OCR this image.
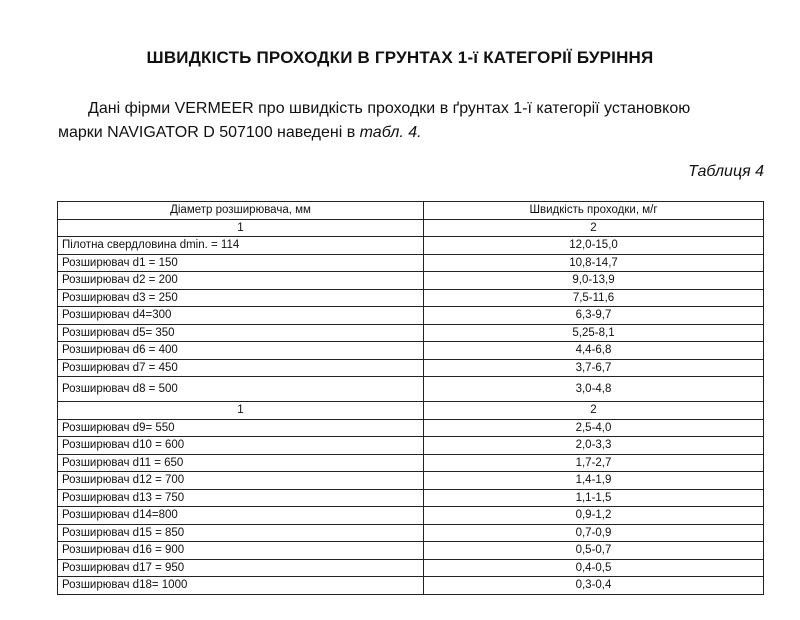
ШВИДКІСТЬ ПРОХОДКИ В ГРУНТАХ 1-ї КАТЕГОРІЇ БУРІННЯ
Дані фірми VERMEER про швидкість проходки в ґрунтах 1-ї категорії установкою
марки NAVIGATOR D 507100 наведені в табл. 4.
Таблиця 4
Діаметр розширювача, мм	Швидкість проходки, м/г
1	2
Пілотна свердловина dmin. = 114	12,0-15,0
Розширювач d1 = 150	10,8-14,7
Розширювач d2 = 200	9,0-13,9
Розширювач d3 = 250	7,5-11,6
Розширювач d4=300	6,3-9,7
Розширювач d5= 350	5,25-8,1
Розширювач d6 = 400	4,4-6,8
Розширювач d7 = 450	3,7-6,7
Розширювач d8 = 500	3,0-4,8
1	2
Розширювач d9= 550	2,5-4,0
Розширювач d10 = 600	2,0-3,3
Розширювач d11 = 650	1,7-2,7
Розширювач d12 = 700	1,4-1,9
Розширювач d13 = 750	1,1-1,5
Розширювач d14=800	0,9-1,2
Розширювач d15 = 850	0,7-0,9
Розширювач d16 = 900	0,5-0,7
Розширювач d17 = 950	0,4-0,5
Розширювач d18= 1000	0,3-0,4
